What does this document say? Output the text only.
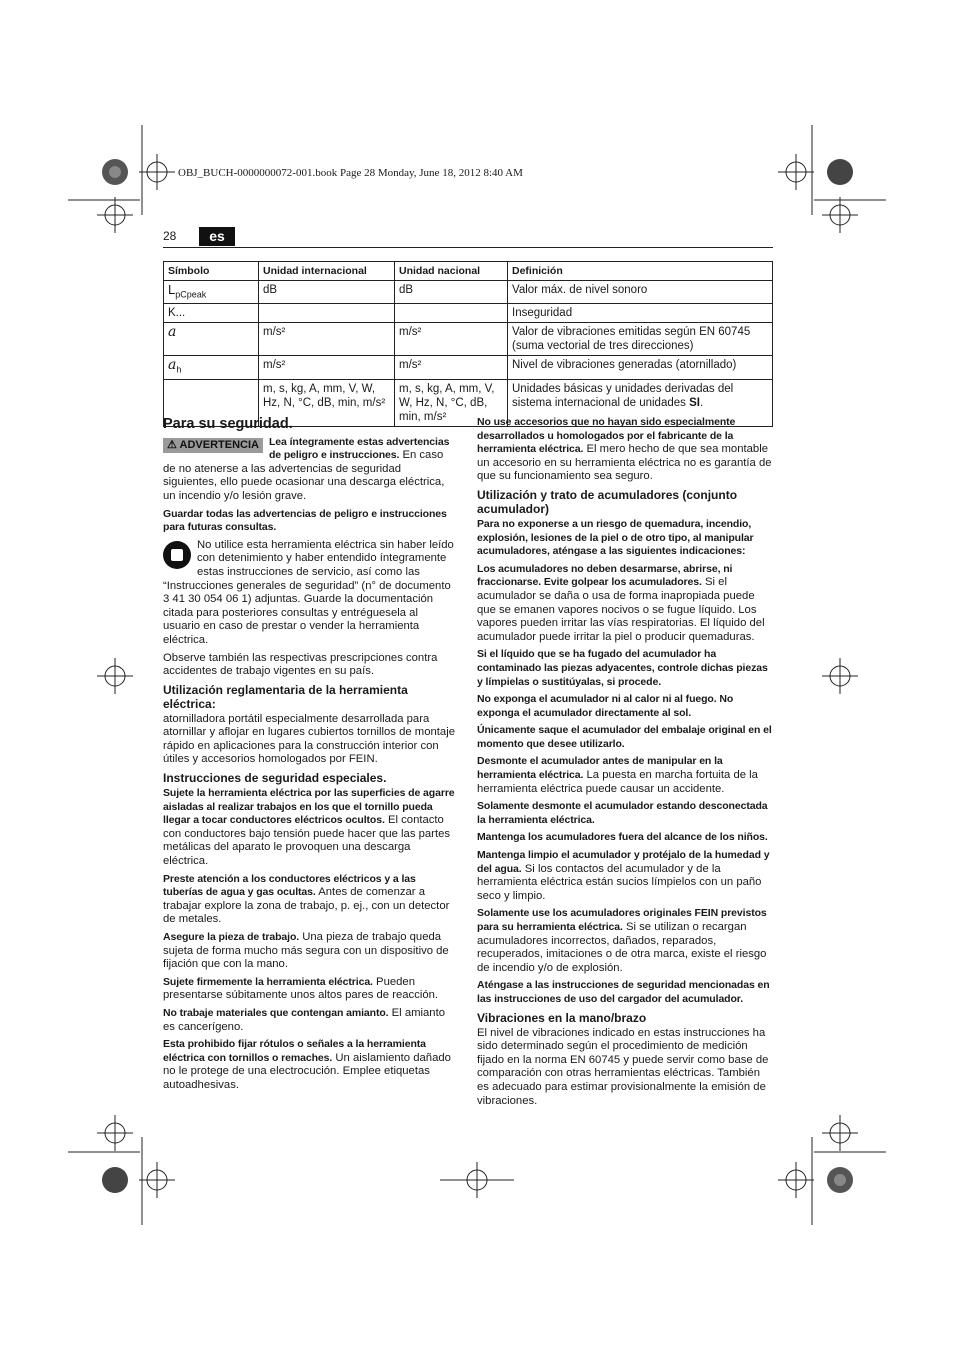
OBJ_BUCH-0000000072-001.book Page 28 Monday, June 18, 2012 8:40 AM
28	es
Símbolo	Unidad internacional	Unidad nacional	Definición
$L_{pCpeak}$	dB	dB	Valor máx. de nivel sonoro
K...			Inseguridad
a	m/s²	m/s²	Valor de vibraciones emitidas según EN 60745 (suma vectorial de tres direcciones)
$a_h$	m/s²	m/s²	Nivel de vibraciones generadas (atornillado)
	m, s, kg, A, mm, V, W, Hz, N, °C, dB, min, m/s²	m, s, kg, A, mm, V, W, Hz, N, °C, dB, min, m/s²	Unidades básicas y unidades derivadas del sistema internacional de unidades SI.
Para su seguridad.

⚠ ADVERTENCIA Lea íntegramente estas advertencias de peligro e instrucciones. En caso de no atenerse a las advertencias de seguridad siguientes, ello puede ocasionar una descarga eléctrica, un incendio y/o lesión grave.

Guardar todas las advertencias de peligro e instrucciones para futuras consultas.

No utilice esta herramienta eléctrica sin haber leído con detenimiento y haber entendido íntegramente estas instrucciones de servicio, así como las “Instrucciones generales de seguridad” (n° de documento 3 41 30 054 06 1) adjuntas. Guarde la documentación citada para posteriores consultas y entréguesela al usuario en caso de prestar o vender la herramienta eléctrica.

Observe también las respectivas prescripciones contra accidentes de trabajo vigentes en su país.

Utilización reglamentaria de la herramienta eléctrica:

atornilladora portátil especialmente desarrollada para atornillar y aflojar en lugares cubiertos tornillos de montaje rápido en aplicaciones para la construcción interior con útiles y accesorios homologados por FEIN.

Instrucciones de seguridad especiales.

Sujete la herramienta eléctrica por las superficies de agarre aisladas al realizar trabajos en los que el tornillo pueda llegar a tocar conductores eléctricos ocultos. El contacto con conductores bajo tensión puede hacer que las partes metálicas del aparato le provoquen una descarga eléctrica.

Preste atención a los conductores eléctricos y a las tuberías de agua y gas ocultas. Antes de comenzar a trabajar explore la zona de trabajo, p. ej., con un detector de metales.

Asegure la pieza de trabajo. Una pieza de trabajo queda sujeta de forma mucho más segura con un dispositivo de fijación que con la mano.

Sujete firmemente la herramienta eléctrica. Pueden presentarse súbitamente unos altos pares de reacción.

No trabaje materiales que contengan amianto. El amianto es cancerígeno.

Esta prohibido fijar rótulos o señales a la herramienta eléctrica con tornillos o remaches. Un aislamiento dañado no le protege de una electrocución. Emplee etiquetas autoadhesivas.

No use accesorios que no hayan sido especialmente desarrollados u homologados por el fabricante de la herramienta eléctrica. El mero hecho de que sea montable un accesorio en su herramienta eléctrica no es garantía de que su funcionamiento sea seguro.

Utilización y trato de acumuladores (conjunto acumulador)

Para no exponerse a un riesgo de quemadura, incendio, explosión, lesiones de la piel o de otro tipo, al manipular acumuladores, aténgase a las siguientes indicaciones:

Los acumuladores no deben desarmarse, abrirse, ni fraccionarse. Evite golpear los acumuladores. Si el acumulador se daña o usa de forma inapropiada puede que se emanen vapores nocivos o se fugue líquido. Los vapores pueden irritar las vías respiratorias. El líquido del acumulador puede irritar la piel o producir quemaduras.

Si el líquido que se ha fugado del acumulador ha contaminado las piezas adyacentes, controle dichas piezas y límpielas o sustitúyalas, si procede.

No exponga el acumulador ni al calor ni al fuego. No exponga el acumulador directamente al sol.

Únicamente saque el acumulador del embalaje original en el momento que desee utilizarlo.

Desmonte el acumulador antes de manipular en la herramienta eléctrica. La puesta en marcha fortuita de la herramienta eléctrica puede causar un accidente.

Solamente desmonte el acumulador estando desconectada la herramienta eléctrica.

Mantenga los acumuladores fuera del alcance de los niños.

Mantenga limpio el acumulador y protéjalo de la humedad y del agua. Si los contactos del acumulador y de la herramienta eléctrica están sucios límpielos con un paño seco y limpio.

Solamente use los acumuladores originales FEIN previstos para su herramienta eléctrica. Si se utilizan o recargan acumuladores incorrectos, dañados, reparados, recuperados, imitaciones o de otra marca, existe el riesgo de incendio y/o de explosión.

Aténgase a las instrucciones de seguridad mencionadas en las instrucciones de uso del cargador del acumulador.

Vibraciones en la mano/brazo

El nivel de vibraciones indicado en estas instrucciones ha sido determinado según el procedimiento de medición fijado en la norma EN 60745 y puede servir como base de comparación con otras herramientas eléctricas. También es adecuado para estimar provisionalmente la emisión de vibraciones.
